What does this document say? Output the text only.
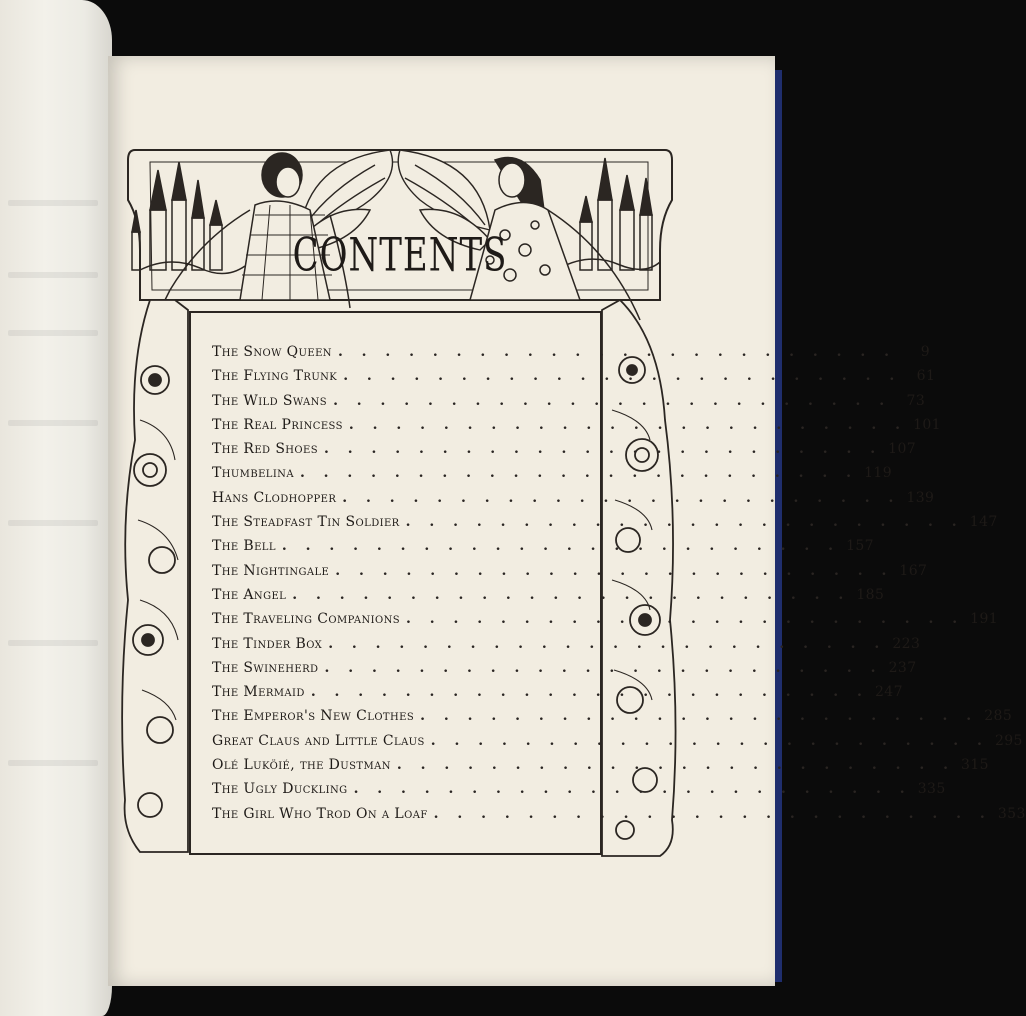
CONTENTS
The Snow Queen . . . . . . . . . . . . . . . . . . . . . . . .	9
The Flying Trunk . . . . . . . . . . . . . . . . . . . . . . . .	61
The Wild Swans . . . . . . . . . . . . . . . . . . . . . . . .	73
The Real Princess . . . . . . . . . . . . . . . . . . . . . . . . 101
The Red Shoes . . . . . . . . . . . . . . . . . . . . . . . . 107
Thumbelina . . . . . . . . . . . . . . . . . . . . . . . . 119
Hans Clodhopper . . . . . . . . . . . . . . . . . . . . . . . . 139
The Steadfast Tin Soldier . . . . . . . . . . . . . . . . . . . . . . . . 147
The Bell . . . . . . . . . . . . . . . . . . . . . . . . 157
The Nightingale . . . . . . . . . . . . . . . . . . . . . . . . 167
The Angel . . . . . . . . . . . . . . . . . . . . . . . . 185
The Traveling Companions . . . . . . . . . . . . . . . . . . . . . . . . 191
The Tinder Box . . . . . . . . . . . . . . . . . . . . . . . . 223
The Swineherd . . . . . . . . . . . . . . . . . . . . . . . . 237
The Mermaid . . . . . . . . . . . . . . . . . . . . . . . . 247
The Emperor's New Clothes . . . . . . . . . . . . . . . . . . . . . . . . 285
Great Claus and Little Claus . . . . . . . . . . . . . . . . . . . . . . . . 295
Olé Luköié, the Dustman . . . . . . . . . . . . . . . . . . . . . . . . 315
The Ugly Duckling . . . . . . . . . . . . . . . . . . . . . . . . 335
The Girl Who Trod On a Loaf . . . . . . . . . . . . . . . . . . . . . . . . 353
